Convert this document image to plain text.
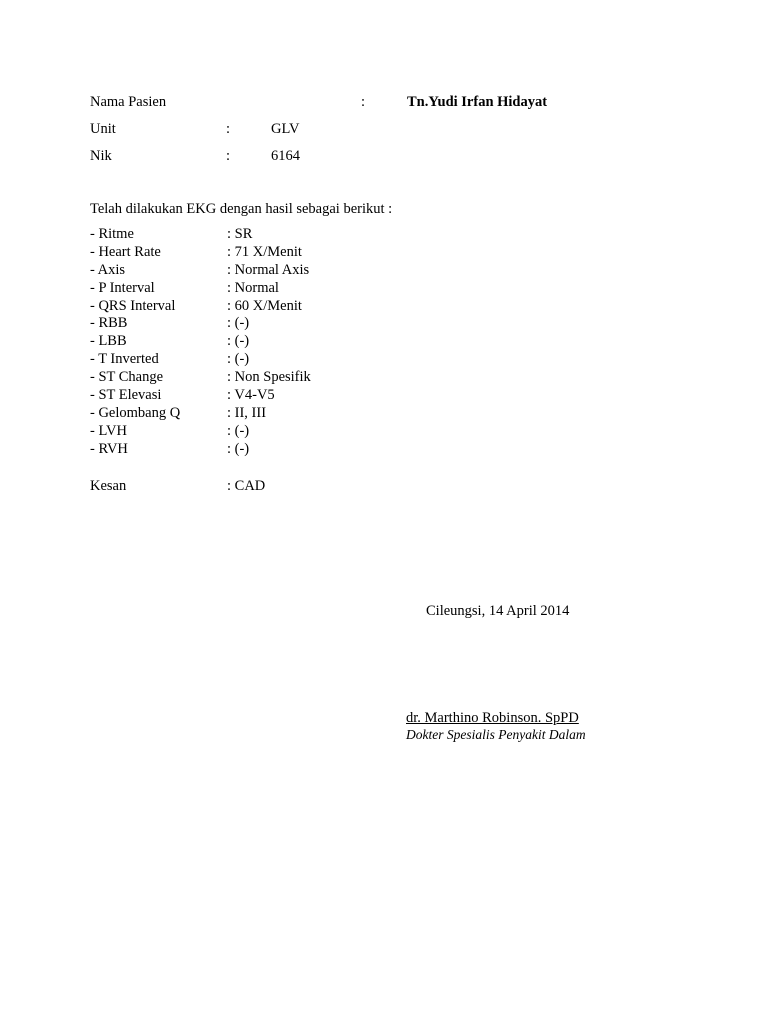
Nama Pasien	:	Tn.Yudi Irfan Hidayat
Unit	:	GLV
Nik	:	6164
Telah dilakukan EKG dengan hasil sebagai berikut :
- Ritme	: SR
- Heart Rate	: 71 X/Menit
- Axis	: Normal Axis
- P Interval	: Normal
- QRS Interval	: 60 X/Menit
- RBB	: (-)
- LBB	: (-)
- T Inverted	: (-)
- ST Change	: Non Spesifik
- ST Elevasi	: V4-V5
- Gelombang Q	: II, III
- LVH	: (-)
- RVH	: (-)
Kesan	: CAD
Cileungsi, 14 April 2014
dr. Marthino Robinson. SpPD
Dokter Spesialis Penyakit Dalam
